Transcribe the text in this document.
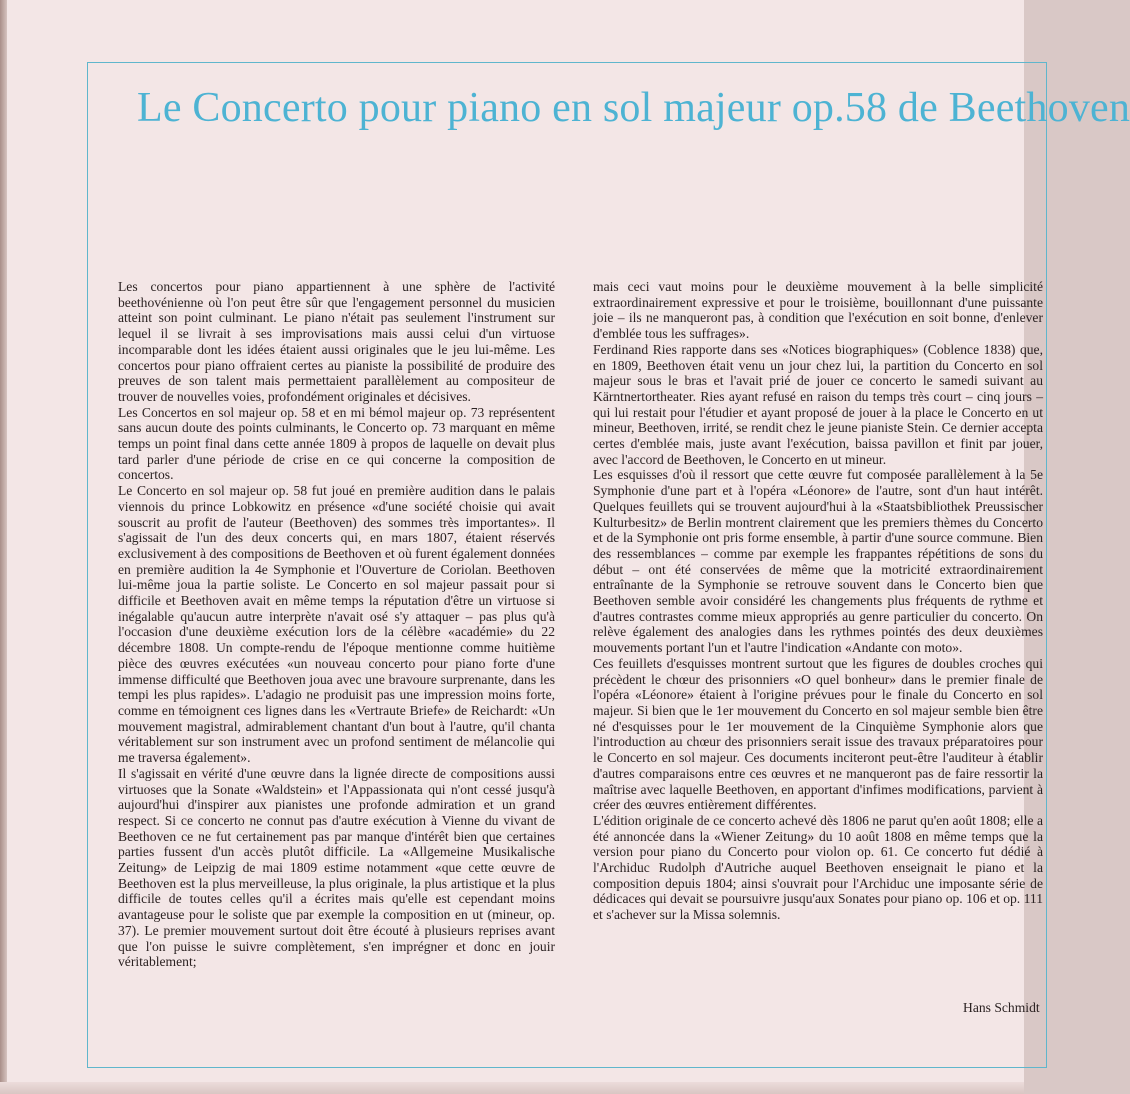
Le Concerto pour piano en sol majeur op.58 de Beethoven

Les concertos pour piano appartiennent à une sphère de l'activité beethovénienne où l'on peut être sûr que l'engagement personnel du musicien atteint son point culminant. Le piano n'était pas seulement l'instrument sur lequel il se livrait à ses improvisations mais aussi celui d'un virtuose incomparable dont les idées étaient aussi originales que le jeu lui-même. Les concertos pour piano offraient certes au pianiste la possibilité de produire des preuves de son talent mais permettaient parallèlement au compositeur de trouver de nouvelles voies, profondément originales et décisives.

Les Concertos en sol majeur op. 58 et en mi bémol majeur op. 73 représentent sans aucun doute des points culminants, le Concerto op. 73 marquant en même temps un point final dans cette année 1809 à propos de laquelle on devait plus tard parler d'une période de crise en ce qui concerne la composition de concertos.

Le Concerto en sol majeur op. 58 fut joué en première audition dans le palais viennois du prince Lobkowitz en présence «d'une société choisie qui avait souscrit au profit de l'auteur (Beethoven) des sommes très importantes». Il s'agissait de l'un des deux concerts qui, en mars 1807, étaient réservés exclusivement à des compositions de Beethoven et où furent également données en première audition la 4e Symphonie et l'Ouverture de Coriolan. Beethoven lui-même joua la partie soliste. Le Concerto en sol majeur passait pour si difficile et Beethoven avait en même temps la réputation d'être un virtuose si inégalable qu'aucun autre interprète n'avait osé s'y attaquer – pas plus qu'à l'occasion d'une deuxième exécution lors de la célèbre «académie» du 22 décembre 1808. Un compte-rendu de l'époque mentionne comme huitième pièce des œuvres exécutées «un nouveau concerto pour piano forte d'une immense difficulté que Beethoven joua avec une bravoure surprenante, dans les tempi les plus rapides». L'adagio ne produisit pas une impression moins forte, comme en témoignent ces lignes dans les «Vertraute Briefe» de Reichardt: «Un mouvement magistral, admirablement chantant d'un bout à l'autre, qu'il chanta véritablement sur son instrument avec un profond sentiment de mélancolie qui me traversa également».

Il s'agissait en vérité d'une œuvre dans la lignée directe de compositions aussi virtuoses que la Sonate «Waldstein» et l'Appassionata qui n'ont cessé jusqu'à aujourd'hui d'inspirer aux pianistes une profonde admiration et un grand respect. Si ce concerto ne connut pas d'autre exécution à Vienne du vivant de Beethoven ce ne fut certainement pas par manque d'intérêt bien que certaines parties fussent d'un accès plutôt difficile. La «Allgemeine Musikalische Zeitung» de Leipzig de mai 1809 estime notamment «que cette œuvre de Beethoven est la plus merveilleuse, la plus originale, la plus artistique et la plus difficile de toutes celles qu'il a écrites mais qu'elle est cependant moins avantageuse pour le soliste que par exemple la composition en ut (mineur, op. 37). Le premier mouvement surtout doit être écouté à plusieurs reprises avant que l'on puisse le suivre complètement, s'en imprégner et donc en jouir véritablement;

mais ceci vaut moins pour le deuxième mouvement à la belle simplicité extraordinairement expressive et pour le troisième, bouillonnant d'une puissante joie – ils ne manqueront pas, à condition que l'exécution en soit bonne, d'enlever d'emblée tous les suffrages».

Ferdinand Ries rapporte dans ses «Notices biographiques» (Coblence 1838) que, en 1809, Beethoven était venu un jour chez lui, la partition du Concerto en sol majeur sous le bras et l'avait prié de jouer ce concerto le samedi suivant au Kärntnertortheater. Ries ayant refusé en raison du temps très court – cinq jours – qui lui restait pour l'étudier et ayant proposé de jouer à la place le Concerto en ut mineur, Beethoven, irrité, se rendit chez le jeune pianiste Stein. Ce dernier accepta certes d'emblée mais, juste avant l'exécution, baissa pavillon et finit par jouer, avec l'accord de Beethoven, le Concerto en ut mineur.

Les esquisses d'où il ressort que cette œuvre fut composée parallèlement à la 5e Symphonie d'une part et à l'opéra «Léonore» de l'autre, sont d'un haut intérêt. Quelques feuillets qui se trouvent aujourd'hui à la «Staatsbibliothek Preussischer Kulturbesitz» de Berlin montrent clairement que les premiers thèmes du Concerto et de la Symphonie ont pris forme ensemble, à partir d'une source commune. Bien des ressemblances – comme par exemple les frappantes répétitions de sons du début – ont été conservées de même que la motricité extraordinairement entraînante de la Symphonie se retrouve souvent dans le Concerto bien que Beethoven semble avoir considéré les changements plus fréquents de rythme et d'autres contrastes comme mieux appropriés au genre particulier du concerto. On relève également des analogies dans les rythmes pointés des deux deuxièmes mouvements portant l'un et l'autre l'indication «Andante con moto».

Ces feuillets d'esquisses montrent surtout que les figures de doubles croches qui précèdent le chœur des prisonniers «O quel bonheur» dans le premier finale de l'opéra «Léonore» étaient à l'origine prévues pour le finale du Concerto en sol majeur. Si bien que le 1er mouvement du Concerto en sol majeur semble bien être né d'esquisses pour le 1er mouvement de la Cinquième Symphonie alors que l'introduction au chœur des prisonniers serait issue des travaux préparatoires pour le Concerto en sol majeur. Ces documents inciteront peut-être l'auditeur à établir d'autres comparaisons entre ces œuvres et ne manqueront pas de faire ressortir la maîtrise avec laquelle Beethoven, en apportant d'infimes modifications, parvient à créer des œuvres entièrement différentes.

L'édition originale de ce concerto achevé dès 1806 ne parut qu'en août 1808; elle a été annoncée dans la «Wiener Zeitung» du 10 août 1808 en même temps que la version pour piano du Concerto pour violon op. 61. Ce concerto fut dédié à l'Archiduc Rudolph d'Autriche auquel Beethoven enseignait le piano et la composition depuis 1804; ainsi s'ouvrait pour l'Archiduc une imposante série de dédicaces qui devait se poursuivre jusqu'aux Sonates pour piano op. 106 et op. 111 et s'achever sur la Missa solemnis.

Hans Schmidt
